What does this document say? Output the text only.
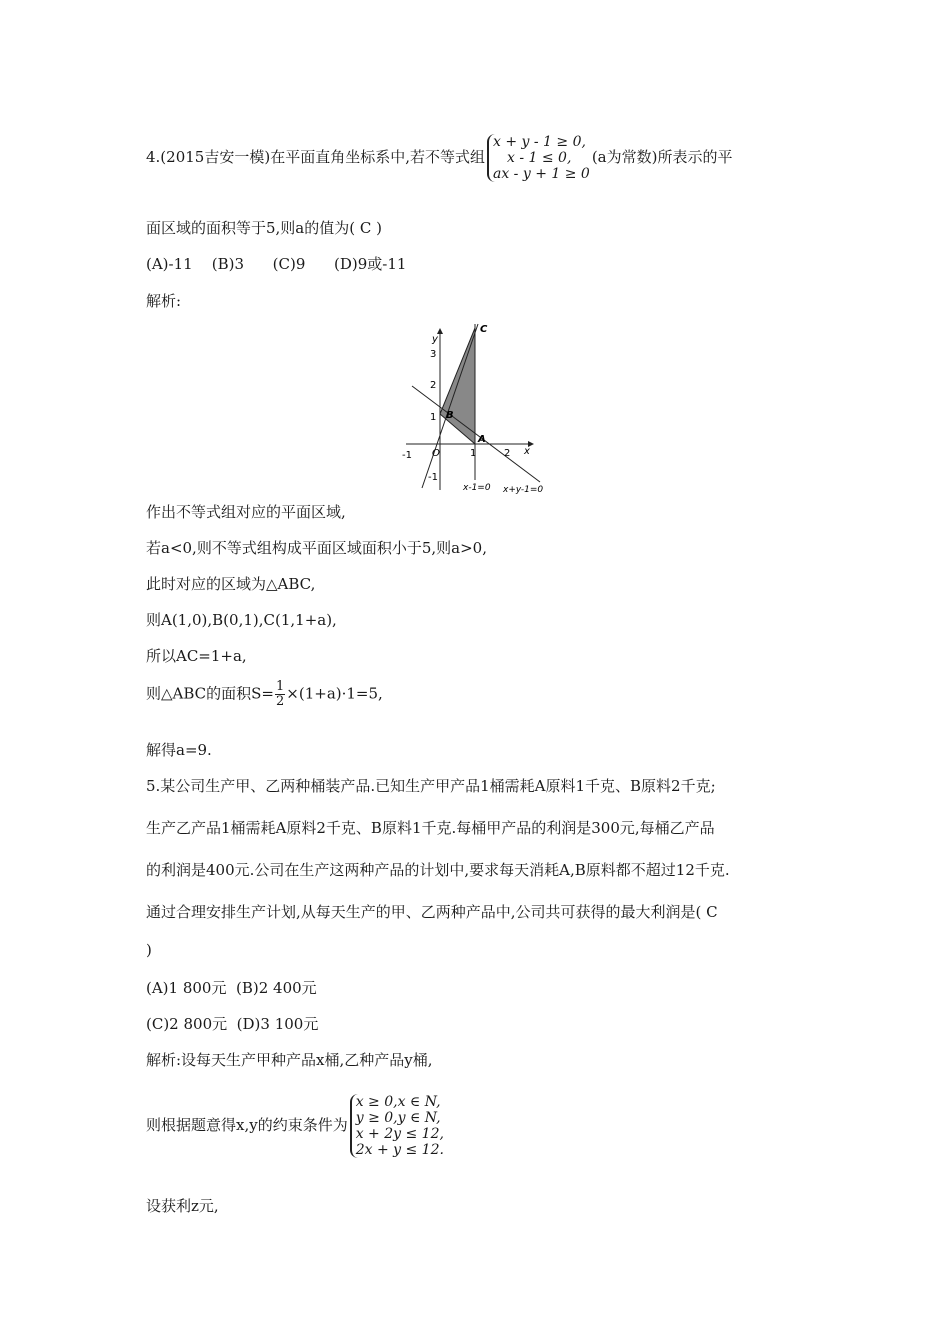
4.(2015吉安一模)在平面直角坐标系中,若不等式组
x + y - 1 ≥ 0,
x - 1 ≤ 0,
ax - y + 1 ≥ 0
(a为常数)所表示的平
面区域的面积等于5,则a的值为( C )
(A)-11    (B)3      (C)9      (D)9或-11
解析:
y
x
3
2
1
-1
-1 O	1	2
C
B
A
x-1=0 x+y-1=0
作出不等式组对应的平面区域,
若a<0,则不等式组构成平面区域面积小于5,则a>0,
此时对应的区域为△ABC,
则A(1,0),B(0,1),C(1,1+a),
所以AC=1+a,
则△ABC的面积$S= \frac{1}{2} \times(1+a)\cdot 1=5$,
解得a=9.
5.某公司生产甲、乙两种桶装产品.已知生产甲产品1桶需耗A原料1千克、B原料2千克;
生产乙产品1桶需耗A原料2千克、B原料1千克.每桶甲产品的利润是300元,每桶乙产品
的利润是400元.公司在生产这两种产品的计划中,要求每天消耗A,B原料都不超过12千克.
通过合理安排生产计划,从每天生产的甲、乙两种产品中,公司共可获得的最大利润是( C
)
(A)1 800元  (B)2 400元
(C)2 800元  (D)3 100元
解析:设每天生产甲种产品x桶,乙种产品y桶,
则根据题意得x,y的约束条件为
x ≥ 0,x ∈ N,
y ≥ 0,y ∈ N,
x + 2y ≤ 12,
2x + y ≤ 12.
设获利z元,
